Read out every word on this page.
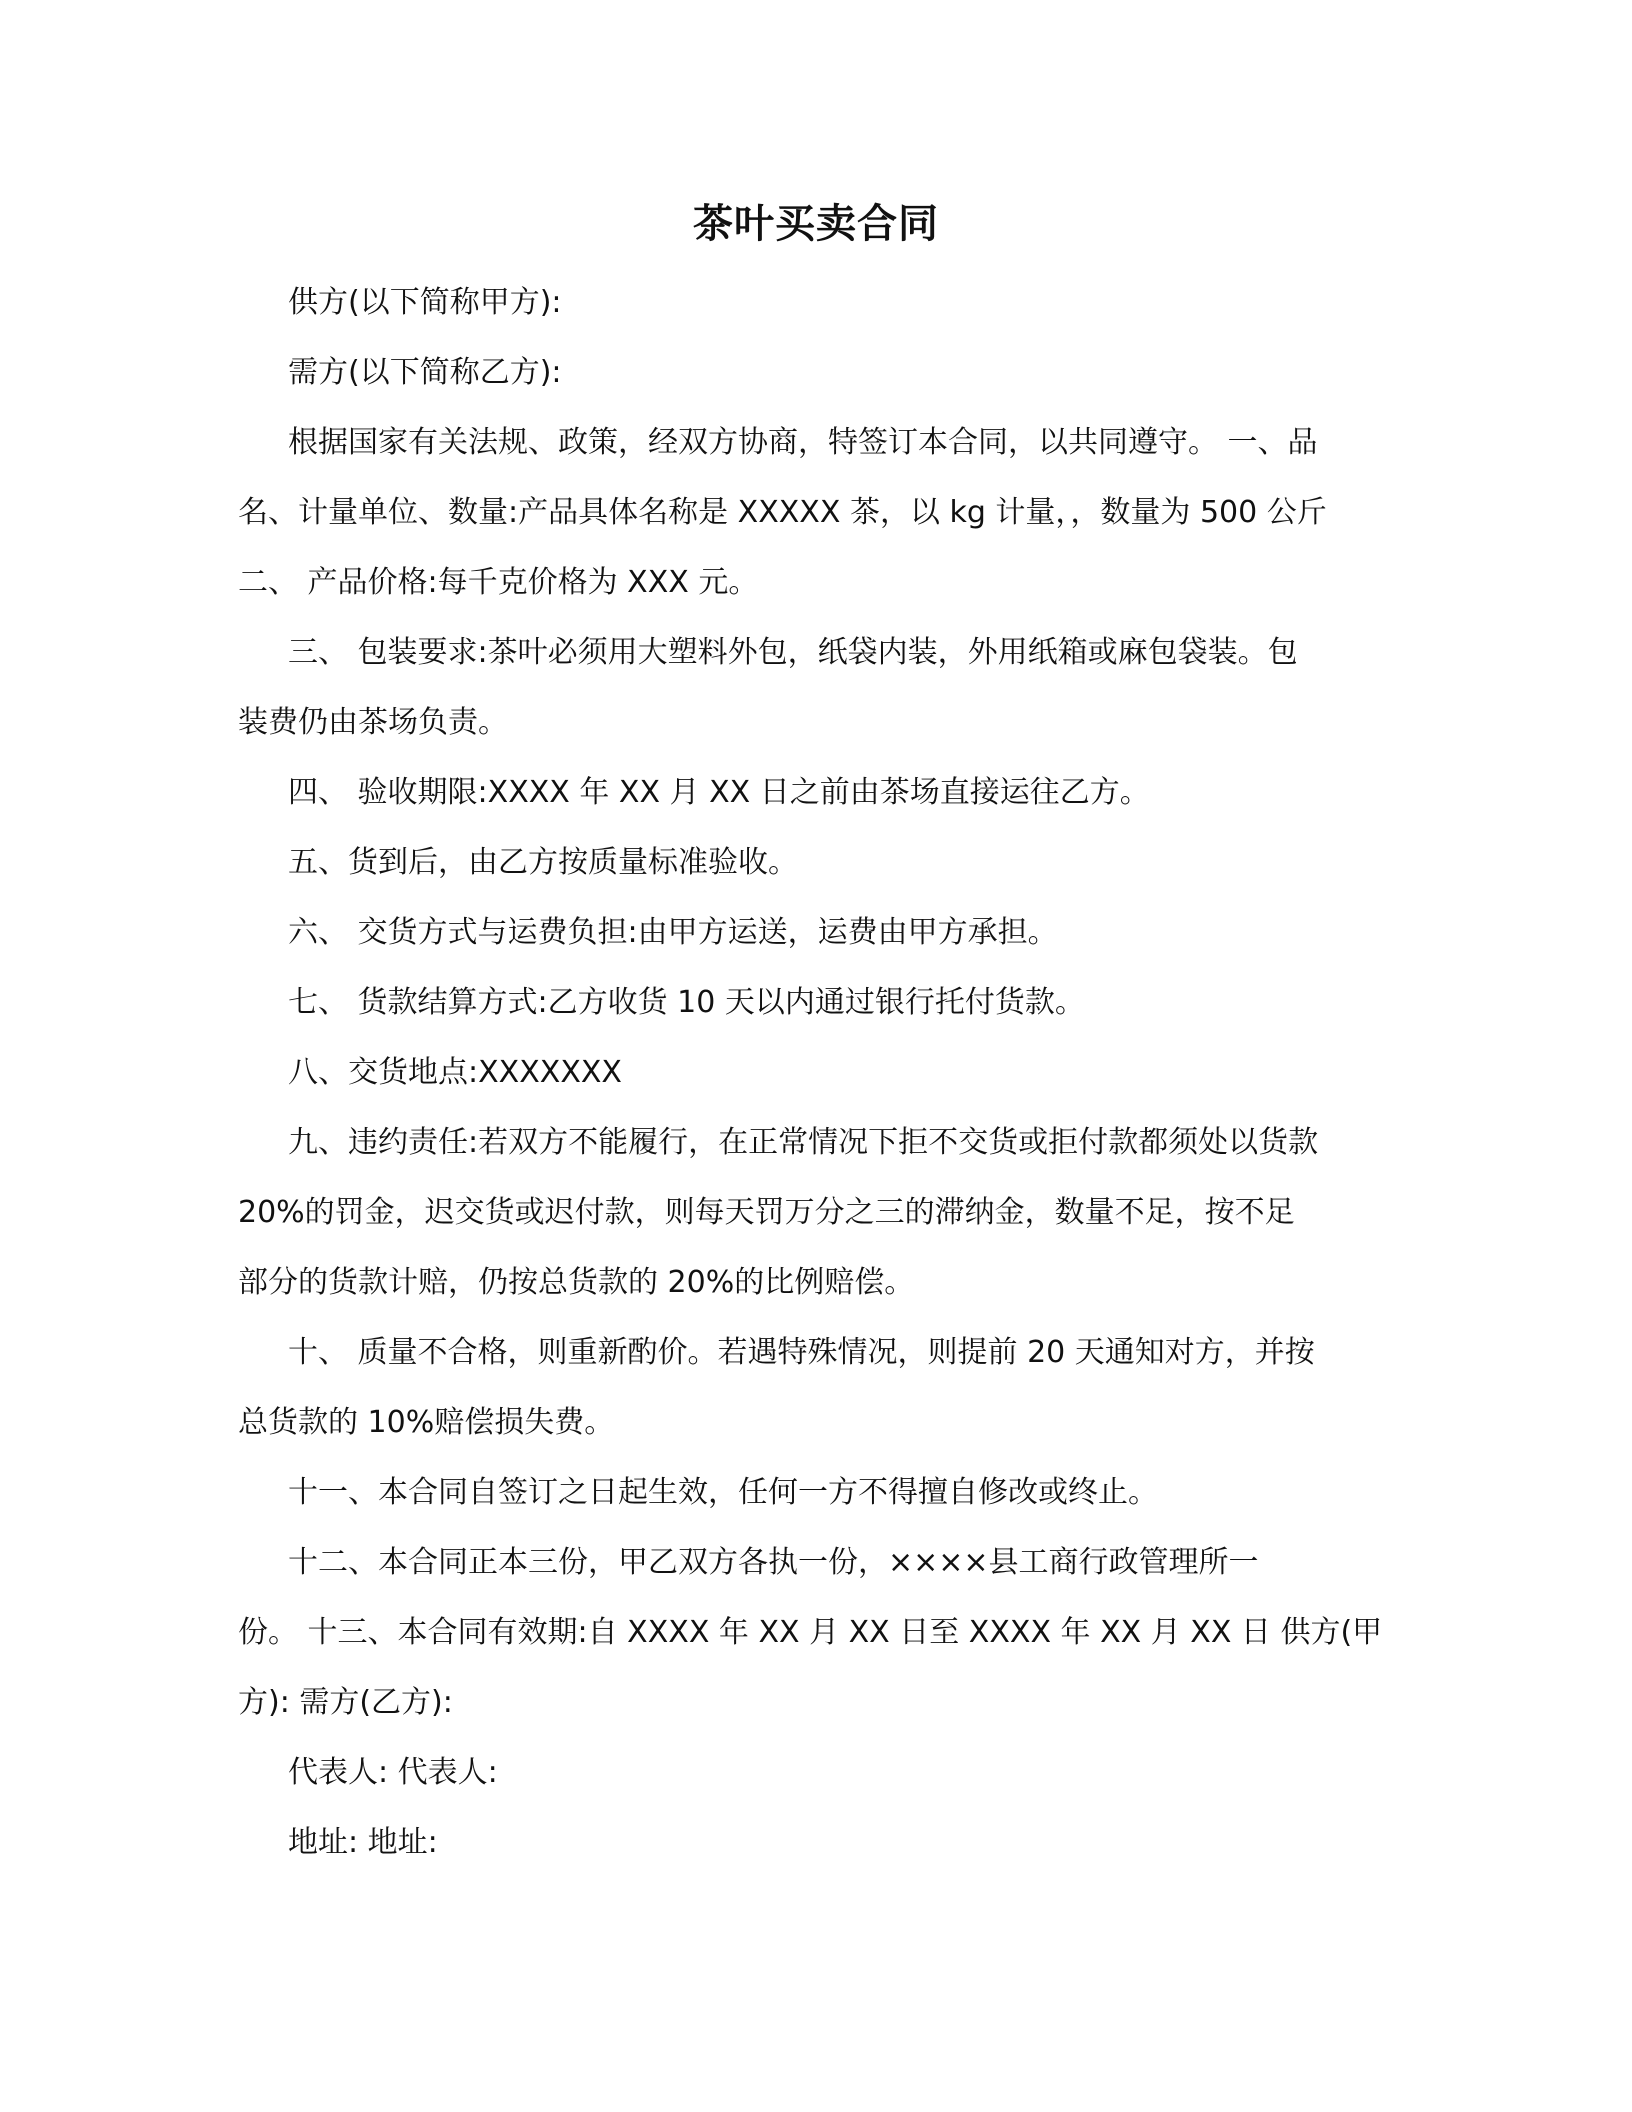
茶叶买卖合同

供方(以下简称甲方):

需方(以下简称乙方):

根据国家有关法规、政策，经双方协商，特签订本合同，以共同遵守。 一、品

名、计量单位、数量:产品具体名称是 XXXXX 茶，以 kg 计量，，数量为 500 公斤

二、 产品价格:每千克价格为 XXX 元。

三、 包装要求:茶叶必须用大塑料外包，纸袋内装，外用纸箱或麻包袋装。包

装费仍由茶场负责。

四、 验收期限:XXXX 年 XX 月 XX 日之前由茶场直接运往乙方。

五、货到后，由乙方按质量标准验收。

六、 交货方式与运费负担:由甲方运送，运费由甲方承担。

七、 货款结算方式:乙方收货 10 天以内通过银行托付货款。

八、交货地点:XXXXXXX

九、违约责任:若双方不能履行，在正常情况下拒不交货或拒付款都须处以货款

20%的罚金，迟交货或迟付款，则每天罚万分之三的滞纳金，数量不足，按不足

部分的货款计赔，仍按总货款的 20%的比例赔偿。

十、 质量不合格，则重新酌价。若遇特殊情况，则提前 20 天通知对方，并按

总货款的 10%赔偿损失费。

十一、本合同自签订之日起生效，任何一方不得擅自修改或终止。

十二、本合同正本三份，甲乙双方各执一份，××××县工商行政管理所一

份。 十三、本合同有效期:自 XXXX 年 XX 月 XX 日至 XXXX 年 XX 月 XX 日 供方(甲

方): 需方(乙方):

代表人: 代表人:

地址: 地址:
